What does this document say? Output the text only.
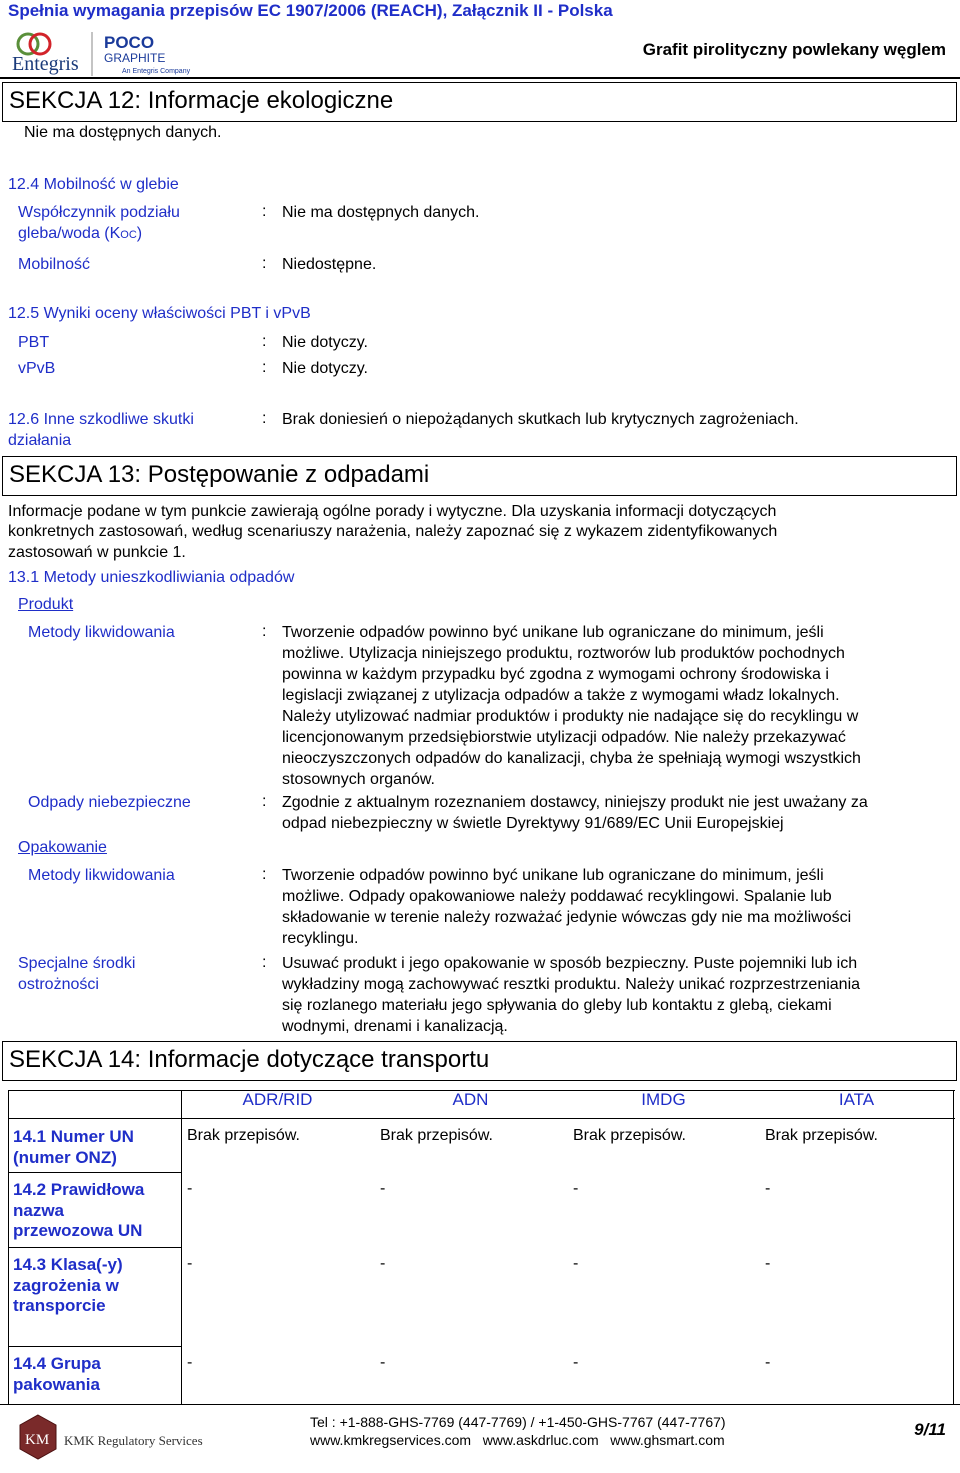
Spełnia wymagania przepisów EC 1907/2006 (REACH), Załącznik II - Polska
Entegris
POCO
GRAPHITE
An Entegris Company
Grafit pirolityczny powlekany węglem
SEKCJA 12: Informacje ekologiczne
Nie ma dostępnych danych.
12.4 Mobilność w glebie
Współczynnik podziału
gleba/woda (KOC)
: Nie ma dostępnych danych.
Mobilność	: Niedostępne.
12.5 Wyniki oceny właściwości PBT i vPvB
PBT	: Nie dotyczy.
vPvB	: Nie dotyczy.
12.6 Inne szkodliwe skutki
działania
: Brak doniesień o niepożądanych skutkach lub krytycznych zagrożeniach.
SEKCJA 13: Postępowanie z odpadami
Informacje podane w tym punkcie zawierają ogólne porady i wytyczne. Dla uzyskania informacji dotyczących
konkretnych zastosowań, według scenariuszy narażenia, należy zapoznać się z wykazem zidentyfikowanych
zastosowań w punkcie 1.
13.1 Metody unieszkodliwiania odpadów
Produkt
Metody likwidowania	: Tworzenie odpadów powinno być unikane lub ograniczane do minimum, jeśli
możliwe. Utylizacja niniejszego produktu, roztworów lub produktów pochodnych
powinna w każdym przypadku być zgodna z wymogami ochrony środowiska i
legislacji związanej z utylizacja odpadów a także z wymogami władz lokalnych.
Należy utylizować nadmiar produktów i produkty nie nadające się do recyklingu w
licencjonowanym przedsiębiorstwie utylizacji odpadów. Nie należy przekazywać
nieoczyszczonych odpadów do kanalizacji, chyba że spełniają wymogi wszystkich
stosownych organów.
Odpady niebezpieczne	: Zgodnie z aktualnym rozeznaniem dostawcy, niniejszy produkt nie jest uważany za
odpad niebezpieczny w świetle Dyrektywy 91/689/EC Unii Europejskiej
Opakowanie
Metody likwidowania	: Tworzenie odpadów powinno być unikane lub ograniczane do minimum, jeśli
możliwe. Odpady opakowaniowe należy poddawać recyklingowi. Spalanie lub
składowanie w terenie należy rozważać jedynie wówczas gdy nie ma możliwości
recyklingu.
Specjalne środki
ostrożności
: Usuwać produkt i jego opakowanie w sposób bezpieczny. Puste pojemniki lub ich
wykładziny mogą zachowywać resztki produktu. Należy unikać rozprzestrzeniania
się rozlanego materiału jego spływania do gleby lub kontaktu z glebą, ciekami
wodnymi, drenami i kanalizacją.
SEKCJA 14: Informacje dotyczące transportu
ADR/RID	ADN	IMDG	IATA
14.1 Numer UN
(numer ONZ)
Brak przepisów.	Brak przepisów.	Brak przepisów.	Brak przepisów.
14.2 Prawidłowa
nazwa
przewozowa UN
-	-	-	-
14.3 Klasa(-y)
zagrożenia w
transporcie
-	-	-	-
14.4 Grupa
pakowania
-	-	-	-
KM KMK Regulatory Services
Tel : +1-888-GHS-7769 (447-7769) / +1-450-GHS-7767 (447-7767)
www.kmkregservices.com   www.askdrluc.com   www.ghsmart.com
9/11
